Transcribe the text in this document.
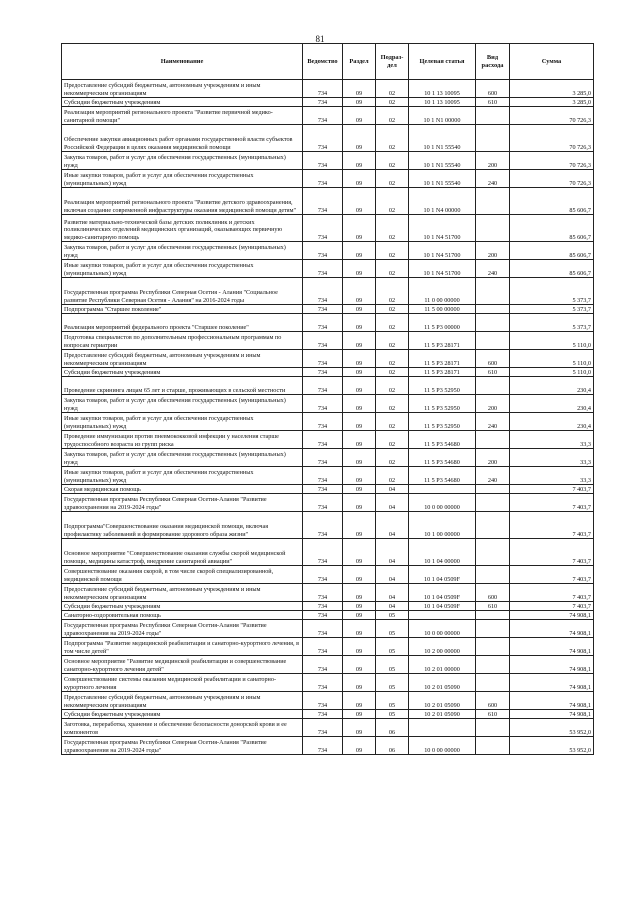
81
Наименование	Ведомство	Раздел	Подраз-дел	Целевая статья	Вид расхода	Сумма
Предоставление субсидий бюджетным, автономным учреждениям и иным некоммерческим организациям	734	09	02	10 1 13 10095	600	3 285,0
Субсидии бюджетным учреждениям	734	09	02	10 1 13 10095	610	3 285,0
Реализация мероприятий регионального проекта "Развитие первичной медико-санитарной помощи"	734	09	02	10 1 N1 00000		70 726,3
Обеспечение закупки авиационных работ органами государственной власти субъектов Российской Федерации в целях оказания медицинской помощи	734	09	02	10 1 N1 55540		70 726,3
Закупка товаров, работ и услуг для обеспечения государственных (муниципальных) нужд	734	09	02	10 1 N1 55540	200	70 726,3
Иные закупки товаров, работ и услуг для обеспечения государственных (муниципальных) нужд	734	09	02	10 1 N1 55540	240	70 726,3
Реализация мероприятий регионального проекта "Развитие детского здравоохранения, включая создание современной инфраструктуры оказания медицинской помощи детям"	734	09	02	10 1 N4 00000		85 606,7
Развитие материально-технической базы детских поликлиник и детских поликлинических отделений медицинских организаций, оказывающих первичную медико-санитарную помощь	734	09	02	10 1 N4 51700		85 606,7
Закупка товаров, работ и услуг для обеспечения государственных (муниципальных) нужд	734	09	02	10 1 N4 51700	200	85 606,7
Иные закупки товаров, работ и услуг для обеспечения государственных (муниципальных) нужд	734	09	02	10 1 N4 51700	240	85 606,7
Государственная программа Республики Северная Осетия - Алания "Социальное развитие Республики Северная Осетия - Алания" на 2016-2024 годы	734	09	02	11 0 00 00000		5 373,7
Подпрограмма "Старшее поколение"	734	09	02	11 5 00 00000		5 373,7
Реализация мероприятий федерального проекта "Старшее поколение"	734	09	02	11 5 P3 00000		5 373,7
Подготовка специалистов по дополнительным профессиональным программам по вопросам гериатрии	734	09	02	11 5 P3 28171		5 110,0
Предоставление субсидий бюджетным, автономным учреждениям и иным некоммерческим организациям	734	09	02	11 5 P3 28171	600	5 110,0
Субсидии бюджетным учреждениям	734	09	02	11 5 P3 28171	610	5 110,0
Проведение скрининга лицам 65 лет и старше, проживающих в сельской местности	734	09	02	11 5 P3 52950		230,4
Закупка товаров, работ и услуг для обеспечения государственных (муниципальных) нужд	734	09	02	11 5 P3 52950	200	230,4
Иные закупки товаров, работ и услуг для обеспечения государственных (муниципальных) нужд	734	09	02	11 5 P3 52950	240	230,4
Проведение иммунизации против пневмококковой инфекции у населения старше трудоспособного возраста из групп риска	734	09	02	11 5 P3 54680		33,3
Закупка товаров, работ и услуг для обеспечения государственных (муниципальных) нужд	734	09	02	11 5 P3 54680	200	33,3
Иные закупки товаров, работ и услуг для обеспечения государственных (муниципальных) нужд	734	09	02	11 5 P3 54680	240	33,3
Скорая медицинская помощь	734	09	04			7 403,7
Государственная программа Республики Северная Осетия-Алания "Развитие здравоохранения на 2019-2024 годы"	734	09	04	10 0 00 00000		7 403,7
Подпрограмма"Совершенствование оказания медицинской помощи, включая профилактику заболеваний и формирование здорового образа жизни"	734	09	04	10 1 00 00000		7 403,7
Основное мероприятие "Совершенствование оказания службы скорой медицинской помощи, медицины катастроф, внедрение санитарной авиации"	734	09	04	10 1 04 00000		7 403,7
Совершенствование оказания скорой, в том числе скорой специализированной, медицинской помощи	734	09	04	10 1 04 0509F		7 403,7
Предоставление субсидий бюджетным, автономным учреждениям и иным некоммерческим организациям	734	09	04	10 1 04 0509F	600	7 403,7
Субсидии бюджетным учреждениям	734	09	04	10 1 04 0509F	610	7 403,7
Санаторно-оздоровительная помощь	734	09	05			74 908,1
Государственная программа Республики Северная Осетия-Алания "Развитие здравоохранения на 2019-2024 годы"	734	09	05	10 0 00 00000		74 908,1
Подпрограмма "Развитие медицинской реабилитации и санаторно-курортного лечения, в том числе детей"	734	09	05	10 2 00 00000		74 908,1
Основное мероприятие "Развитие медицинской реабилитации и совершенствование санаторно-курортного лечения детей"	734	09	05	10 2 01 00000		74 908,1
Совершенствование системы оказания медицинской реабилитации и санаторно-курортного лечения	734	09	05	10 2 01 05090		74 908,1
Предоставление субсидий бюджетным, автономным учреждениям и иным некоммерческим организациям	734	09	05	10 2 01 05090	600	74 908,1
Субсидии бюджетным учреждениям	734	09	05	10 2 01 05090	610	74 908,1
Заготовка, переработка, хранение и обеспечение безопасности донорской крови и ее компонентов	734	09	06			53 952,0
Государственная программа Республики Северная Осетия-Алания "Развитие здравоохранения на 2019-2024 годы"	734	09	06	10 0 00 00000		53 952,0
